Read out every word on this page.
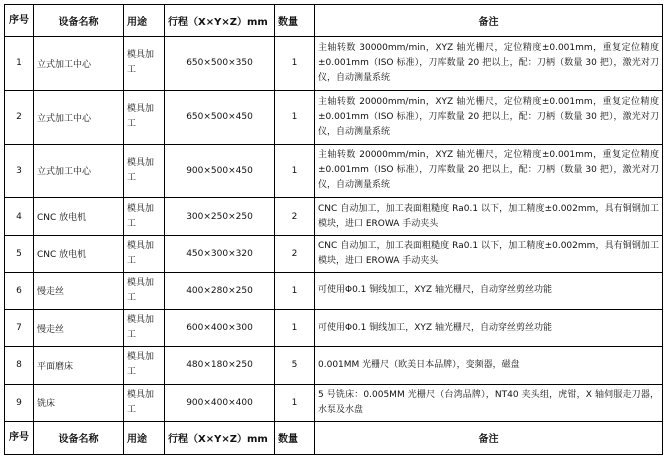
序号	设备名称	用途	行程（X×Y×Z）mm	数量	备注
1	立式加工中心	模具加工	650×500×350	1	主轴转数 30000mm/min，XYZ 轴光栅尺，定位精度±0.001mm，重复定位精度±0.001mm（ISO 标准），刀库数量 20 把以上，配：刀柄（数量 30 把），激光对刀仪，自动测量系统
2	立式加工中心	模具加工	650×500×450	1	主轴转数 20000mm/min，XYZ 轴光栅尺，定位精度±0.001mm，重复定位精度±0.001mm（ISO 标准），刀库数量 20 把以上，配：刀柄（数量 30 把），激光对刀仪，自动测量系统
3	立式加工中心	模具加工	900×500×450	1	主轴转数 20000mm/min，XYZ 轴光栅尺，定位精度±0.001mm，重复定位精度±0.001mm（ISO 标准），刀库数量 20 把以上，配：刀柄（数量 30 把），激光对刀仪，自动测量系统
4	CNC 放电机	模具加工	300×250×250	2	CNC 自动加工，加工表面粗糙度 Ra0.1 以下，加工精度±0.002mm，具有铜钢加工模块，进口 EROWA 手动夹头
5	CNC 放电机	模具加工	450×300×320	2	CNC 自动加工，加工表面粗糙度 Ra0.1 以下，加工精度±0.002mm，具有铜钢加工模块，进口 EROWA 手动夹头
6	慢走丝	模具加工	400×280×250	1	可使用Φ0.1 铜线加工，XYZ 轴光栅尺，自动穿丝剪丝功能
7	慢走丝	模具加工	600×400×300	1	可使用Φ0.1 铜线加工，XYZ 轴光栅尺，自动穿丝剪丝功能
8	平面磨床	模具加工	480×180×250	5	0.001MM 光栅尺（欧美日本品牌），变频器，磁盘
9	铣床	模具加工	900×400×400	1	5 号铣床：0.005MM 光栅尺（台湾品牌），NT40 夹头组，虎钳，X 轴伺服走刀器，水泵及水盘
序号	设备名称	用途	行程（X×Y×Z）mm	数量	备注
